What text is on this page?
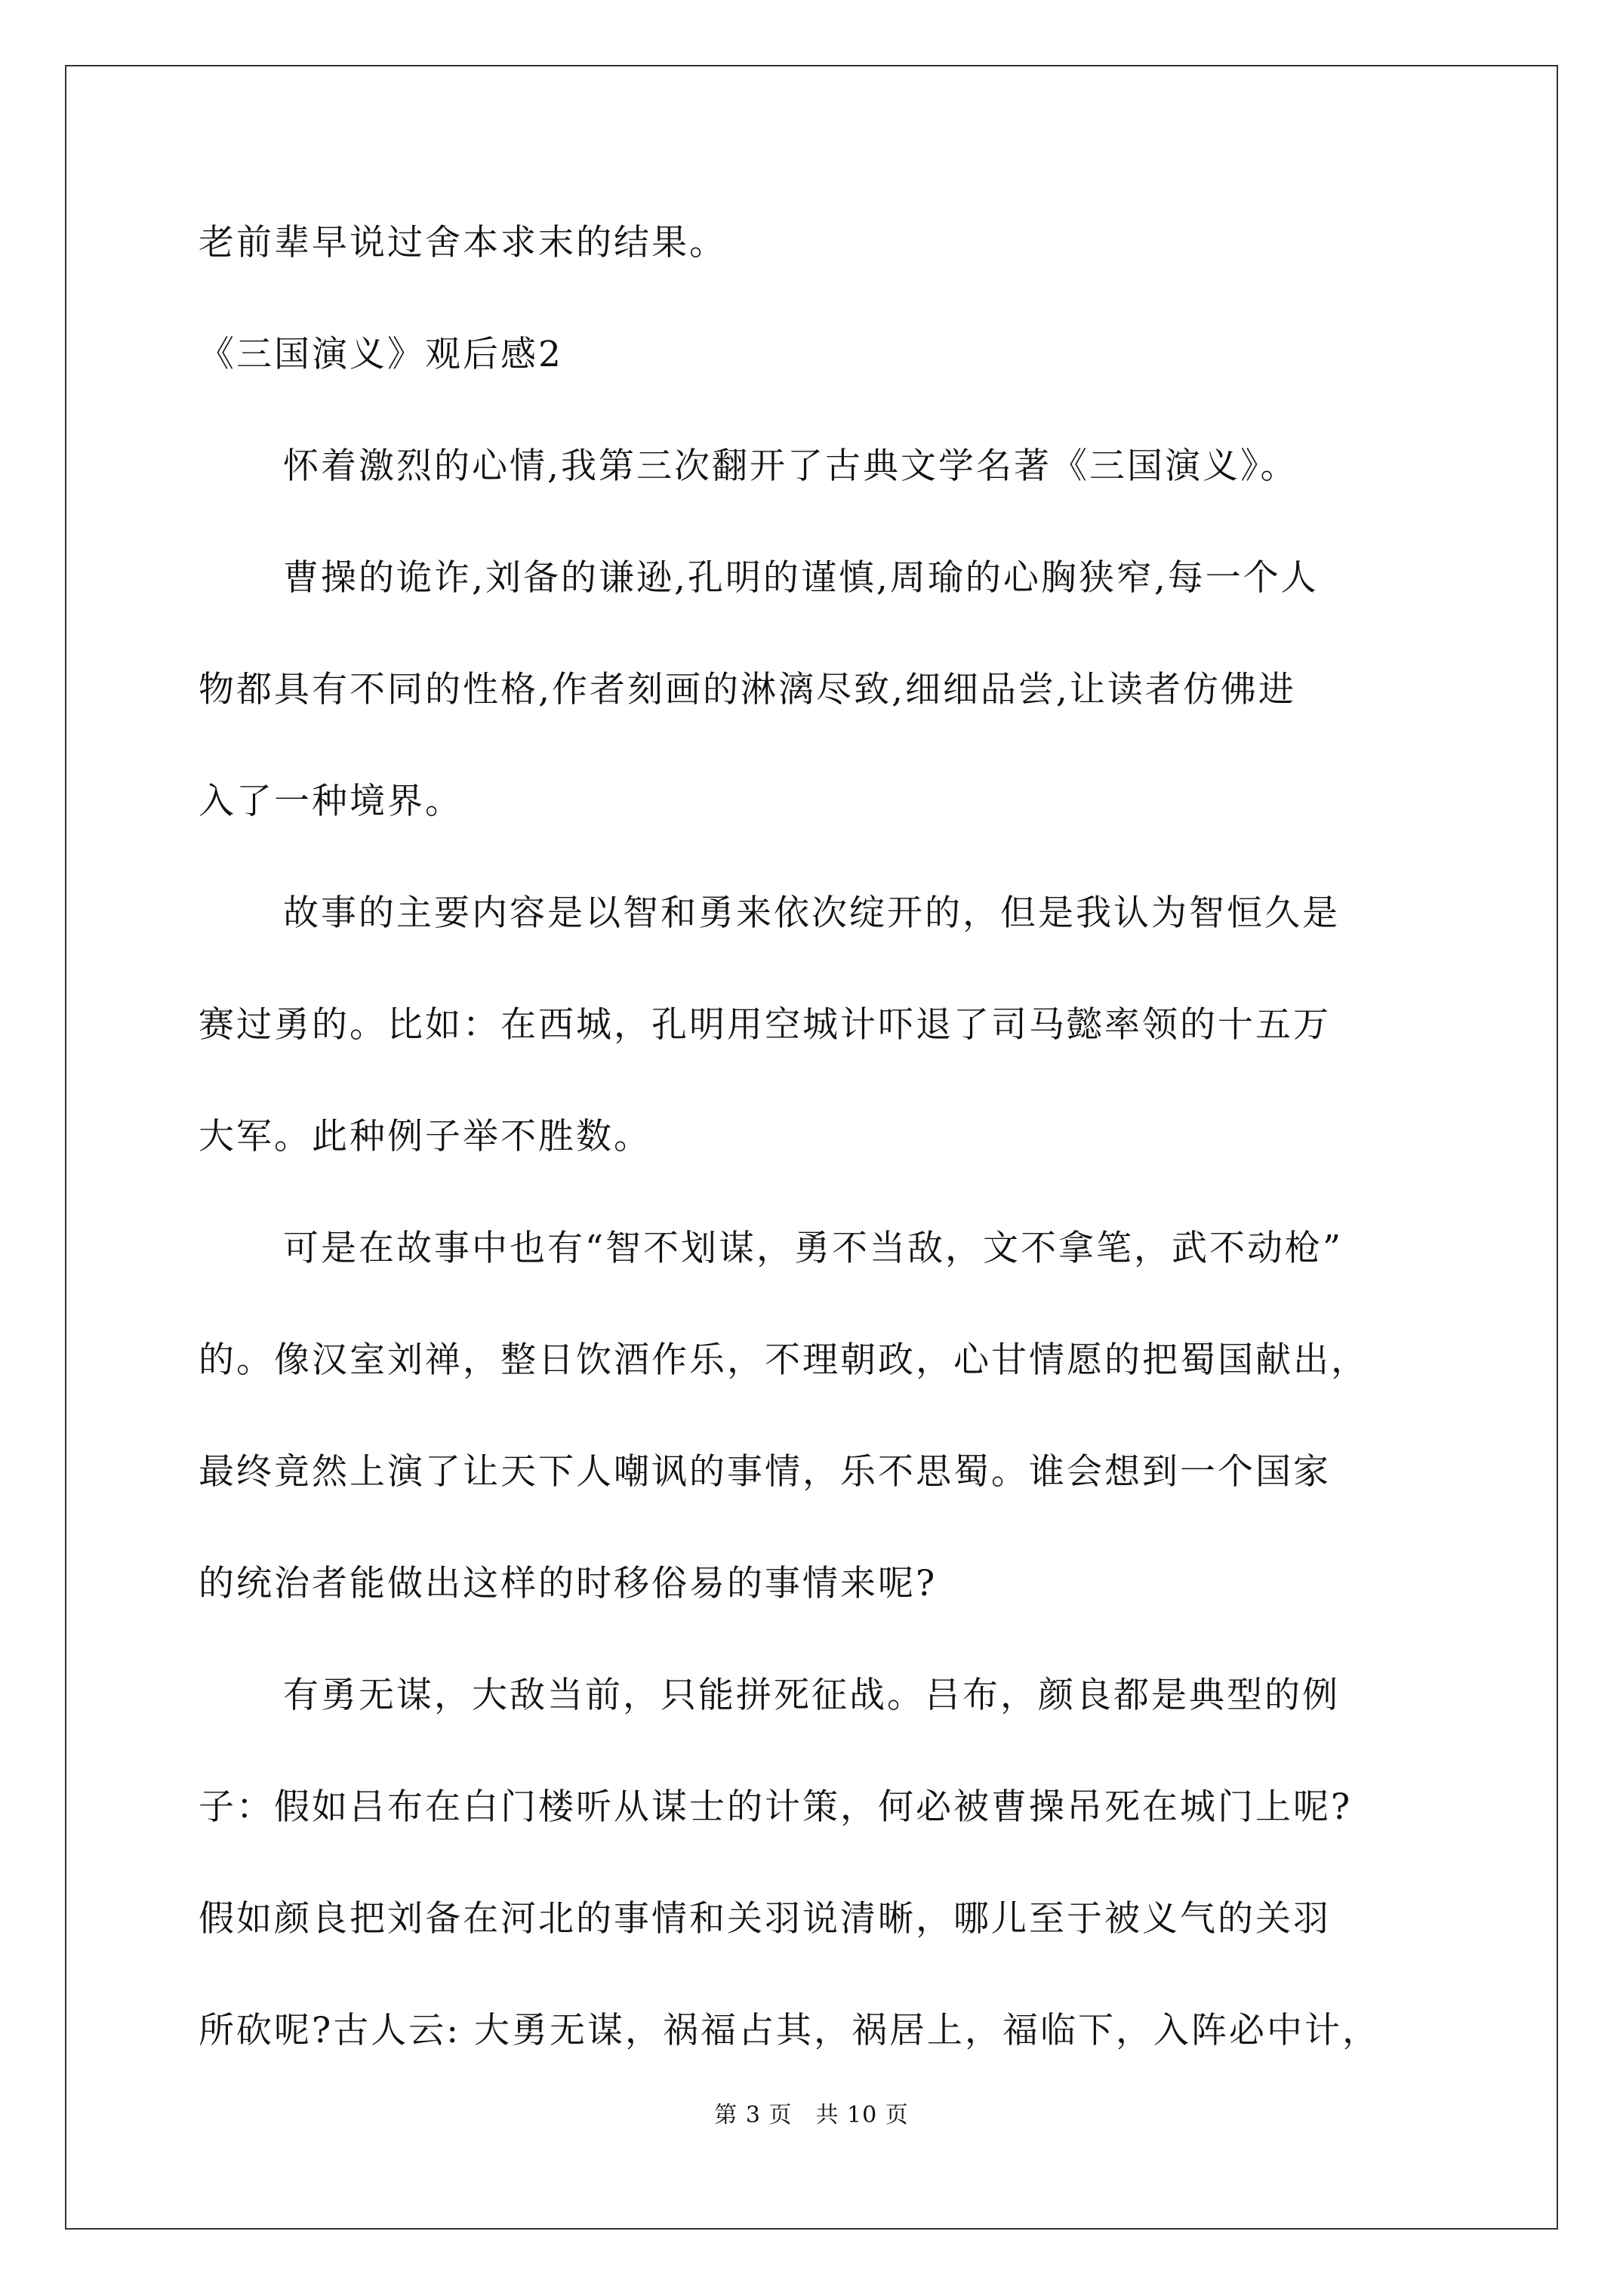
老前辈早说过舍本求末的结果。

《三国演义》观后感2

怀着激烈的心情,我第三次翻开了古典文学名著《三国演义》。

曹操的诡诈,刘备的谦逊,孔明的谨慎,周瑜的心胸狭窄,每一个人

物都具有不同的性格,作者刻画的淋漓尽致,细细品尝,让读者仿佛进

入了一种境界。

故事的主要内容是以智和勇来依次绽开的，但是我认为智恒久是

赛过勇的。比如：在西城，孔明用空城计吓退了司马懿率领的十五万

大军。此种例子举不胜数。

可是在故事中也有“智不划谋，勇不当敌，文不拿笔，武不动枪”

的。像汉室刘禅，整日饮酒作乐，不理朝政，心甘情愿的把蜀国献出，

最终竟然上演了让天下人嘲讽的事情，乐不思蜀。谁会想到一个国家

的统治者能做出这样的时移俗易的事情来呢?

有勇无谋，大敌当前，只能拼死征战。吕布，颜良都是典型的例

子：假如吕布在白门楼听从谋士的计策，何必被曹操吊死在城门上呢?

假如颜良把刘备在河北的事情和关羽说清晰，哪儿至于被义气的关羽

所砍呢?古人云: 大勇无谋，祸福占其，祸居上，福临下，入阵必中计，

第 3 页　共 10 页
